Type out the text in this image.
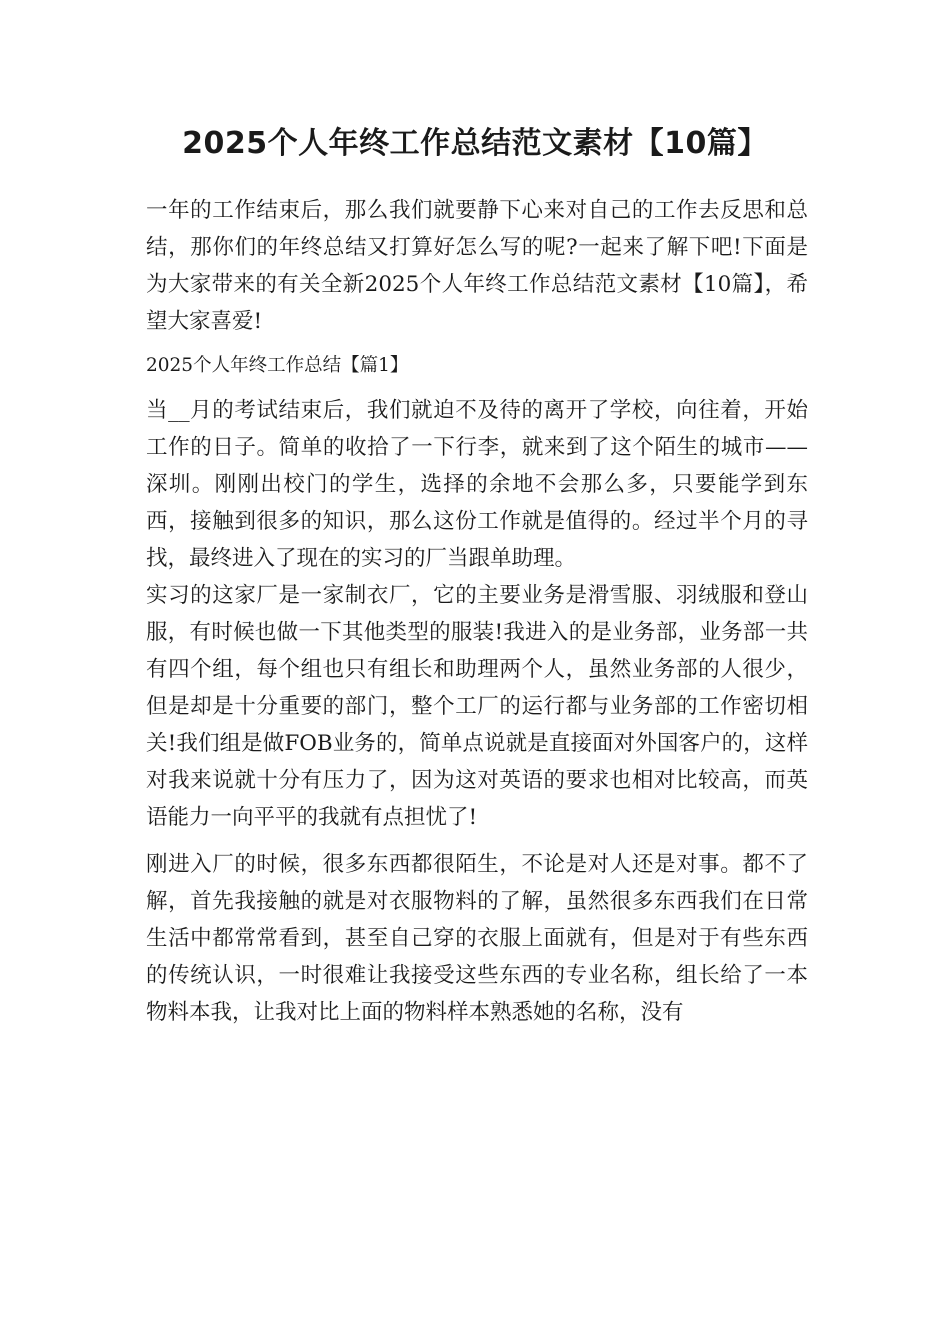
2025个人年终工作总结范文素材【10篇】

一年的工作结束后，那么我们就要静下心来对自己的工作去反思和总结，那你们的年终总结又打算好怎么写的呢?一起来了解下吧!下面是为大家带来的有关全新2025个人年终工作总结范文素材【10篇】，希望大家喜爱!

2025个人年终工作总结【篇1】

当__月的考试结束后，我们就迫不及待的离开了学校，向往着，开始工作的日子。简单的收拾了一下行李，就来到了这个陌生的城市——深圳。刚刚出校门的学生，选择的余地不会那么多，只要能学到东西，接触到很多的知识，那么这份工作就是值得的。经过半个月的寻找，最终进入了现在的实习的厂当跟单助理。

实习的这家厂是一家制衣厂，它的主要业务是滑雪服、羽绒服和登山服，有时候也做一下其他类型的服装!我进入的是业务部，业务部一共有四个组，每个组也只有组长和助理两个人，虽然业务部的人很少，但是却是十分重要的部门，整个工厂的运行都与业务部的工作密切相关!我们组是做FOB业务的，简单点说就是直接面对外国客户的，这样对我来说就十分有压力了，因为这对英语的要求也相对比较高，而英语能力一向平平的我就有点担忧了!

刚进入厂的时候，很多东西都很陌生，不论是对人还是对事。都不了解，首先我接触的就是对衣服物料的了解，虽然很多东西我们在日常生活中都常常看到，甚至自己穿的衣服上面就有，但是对于有些东西的传统认识，一时很难让我接受这些东西的专业名称，组长给了一本物料本我，让我对比上面的物料样本熟悉她的名称，没有
